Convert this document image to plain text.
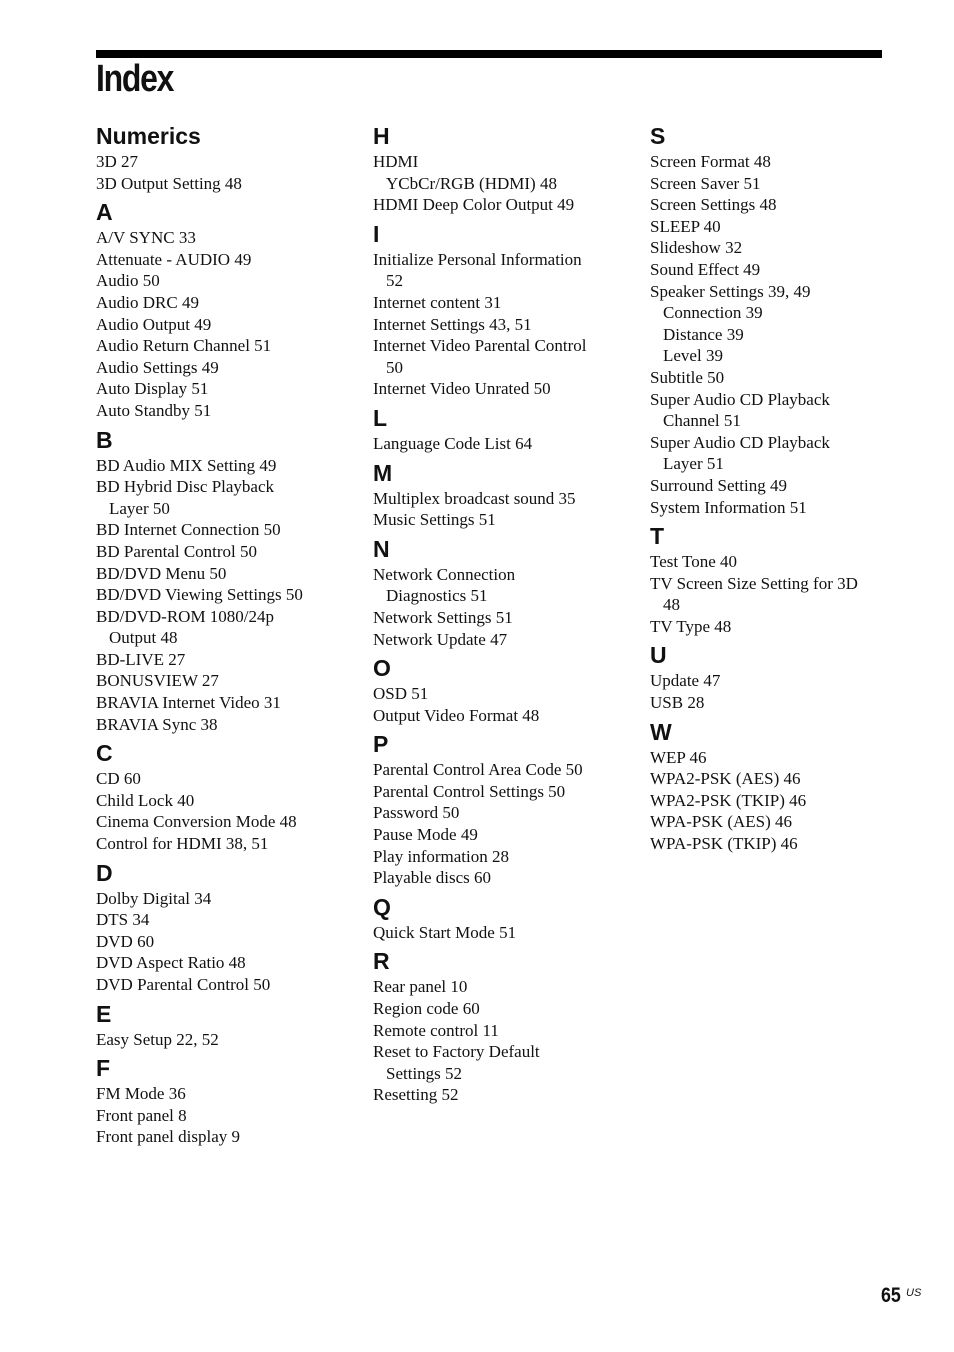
Index
Numerics
3D 27
3D Output Setting 48
A
A/V SYNC 33
Attenuate - AUDIO 49
Audio 50
Audio DRC 49
Audio Output 49
Audio Return Channel 51
Audio Settings 49
Auto Display 51
Auto Standby 51
B
BD Audio MIX Setting 49
BD Hybrid Disc Playback
Layer 50
BD Internet Connection 50
BD Parental Control 50
BD/DVD Menu 50
BD/DVD Viewing Settings 50
BD/DVD-ROM 1080/24p
Output 48
BD-LIVE 27
BONUSVIEW 27
BRAVIA Internet Video 31
BRAVIA Sync 38
C
CD 60
Child Lock 40
Cinema Conversion Mode 48
Control for HDMI 38, 51
D
Dolby Digital 34
DTS 34
DVD 60
DVD Aspect Ratio 48
DVD Parental Control 50
E
Easy Setup 22, 52
F
FM Mode 36
Front panel 8
Front panel display 9
H
HDMI
YCbCr/RGB (HDMI) 48
HDMI Deep Color Output 49
I
Initialize Personal Information
52
Internet content 31
Internet Settings 43, 51
Internet Video Parental Control
50
Internet Video Unrated 50
L
Language Code List 64
M
Multiplex broadcast sound 35
Music Settings 51
N
Network Connection
Diagnostics 51
Network Settings 51
Network Update 47
O
OSD 51
Output Video Format 48
P
Parental Control Area Code 50
Parental Control Settings 50
Password 50
Pause Mode 49
Play information 28
Playable discs 60
Q
Quick Start Mode 51
R
Rear panel 10
Region code 60
Remote control 11
Reset to Factory Default
Settings 52
Resetting 52
S
Screen Format 48
Screen Saver 51
Screen Settings 48
SLEEP 40
Slideshow 32
Sound Effect 49
Speaker Settings 39, 49
Connection 39
Distance 39
Level 39
Subtitle 50
Super Audio CD Playback
Channel 51
Super Audio CD Playback
Layer 51
Surround Setting 49
System Information 51
T
Test Tone 40
TV Screen Size Setting for 3D
48
TV Type 48
U
Update 47
USB 28
W
WEP 46
WPA2-PSK (AES) 46
WPA2-PSK (TKIP) 46
WPA-PSK (AES) 46
WPA-PSK (TKIP) 46
65 US
